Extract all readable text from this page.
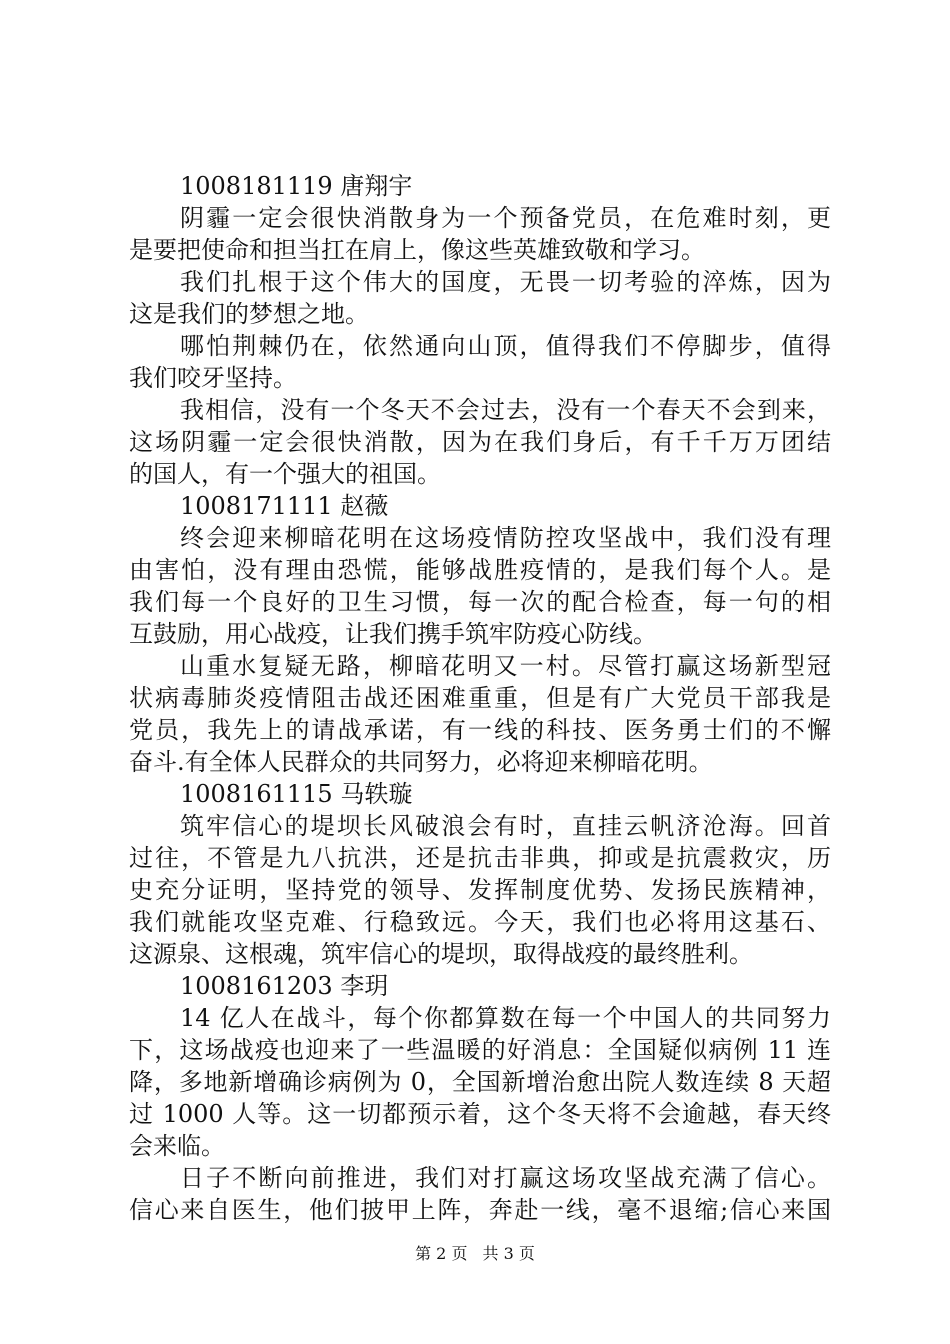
1008181119 唐翔宇
阴霾一定会很快消散身为一个预备党员，在危难时刻，更
是要把使命和担当扛在肩上，像这些英雄致敬和学习。
我们扎根于这个伟大的国度，无畏一切考验的淬炼，因为
这是我们的梦想之地。
哪怕荆棘仍在，依然通向山顶，值得我们不停脚步，值得
我们咬牙坚持。
我相信，没有一个冬天不会过去，没有一个春天不会到来，
这场阴霾一定会很快消散，因为在我们身后，有千千万万团结
的国人，有一个强大的祖国。
1008171111 赵薇
终会迎来柳暗花明在这场疫情防控攻坚战中，我们没有理
由害怕，没有理由恐慌，能够战胜疫情的，是我们每个人。是
我们每一个良好的卫生习惯，每一次的配合检查，每一句的相
互鼓励，用心战疫，让我们携手筑牢防疫心防线。
山重水复疑无路，柳暗花明又一村。尽管打赢这场新型冠
状病毒肺炎疫情阻击战还困难重重，但是有广大党员干部我是
党员，我先上的请战承诺，有一线的科技、医务勇士们的不懈
奋斗.有全体人民群众的共同努力，必将迎来柳暗花明。
1008161115 马轶璇
筑牢信心的堤坝长风破浪会有时，直挂云帆济沧海。回首
过往，不管是九八抗洪，还是抗击非典，抑或是抗震救灾，历
史充分证明，坚持党的领导、发挥制度优势、发扬民族精神，
我们就能攻坚克难、行稳致远。今天，我们也必将用这基石、
这源泉、这根魂，筑牢信心的堤坝，取得战疫的最终胜利。
1008161203 李玥
14 亿人在战斗，每个你都算数在每一个中国人的共同努力
下，这场战疫也迎来了一些温暖的好消息：全国疑似病例 11 连
降，多地新增确诊病例为 0，全国新增治愈出院人数连续 8 天超
过 1000 人等。这一切都预示着，这个冬天将不会逾越，春天终
会来临。
日子不断向前推进，我们对打赢这场攻坚战充满了信心。
信心来自医生，他们披甲上阵，奔赴一线，毫不退缩;信心来国
第 2 页 共 3 页
